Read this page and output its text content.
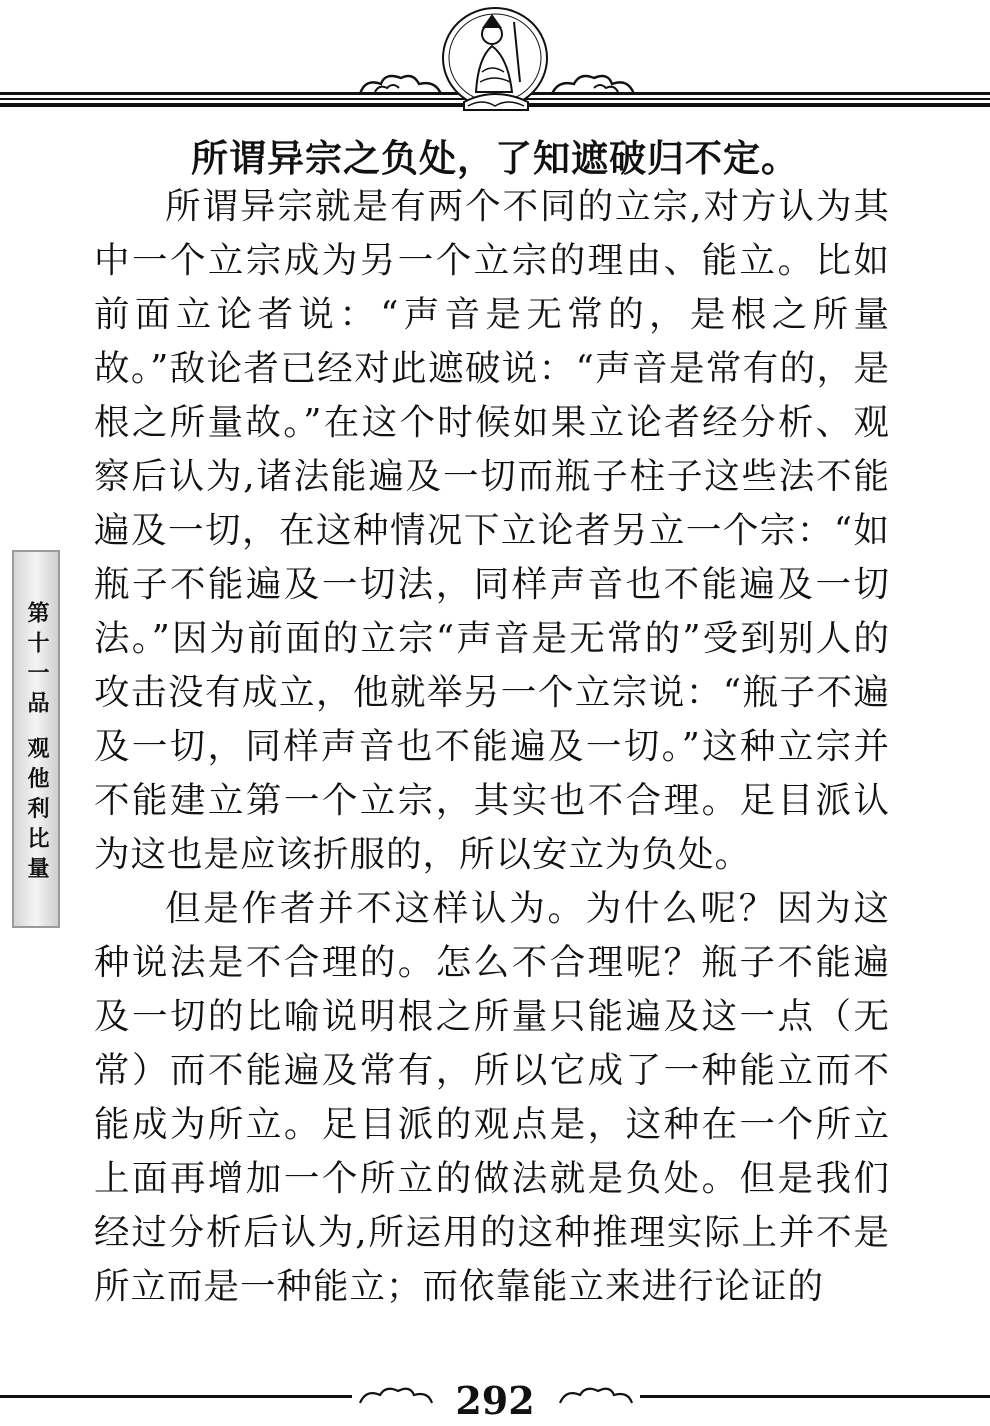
所谓异宗之负处，了知遮破归不定。

所谓异宗就是有两个不同的立宗,对方认为其中一个立宗成为另一个立宗的理由、能立。比如前面立论者说：“声音是无常的，是根之所量故。”敌论者已经对此遮破说：“声音是常有的，是根之所量故。”在这个时候如果立论者经分析、观察后认为,诸法能遍及一切而瓶子柱子这些法不能遍及一切，在这种情况下立论者另立一个宗：“如瓶子不能遍及一切法，同样声音也不能遍及一切法。”因为前面的立宗“声音是无常的”受到别人的攻击没有成立，他就举另一个立宗说：“瓶子不遍及一切，同样声音也不能遍及一切。”这种立宗并不能建立第一个立宗，其实也不合理。足目派认为这也是应该折服的，所以安立为负处。

但是作者并不这样认为。为什么呢？因为这种说法是不合理的。怎么不合理呢？瓶子不能遍及一切的比喻说明根之所量只能遍及这一点（无常）而不能遍及常有，所以它成了一种能立而不能成为所立。足目派的观点是，这种在一个所立上面再增加一个所立的做法就是负处。但是我们经过分析后认为,所运用的这种推理实际上并不是所立而是一种能立；而依靠能立来进行论证的

第十一品 观他利比量

292
